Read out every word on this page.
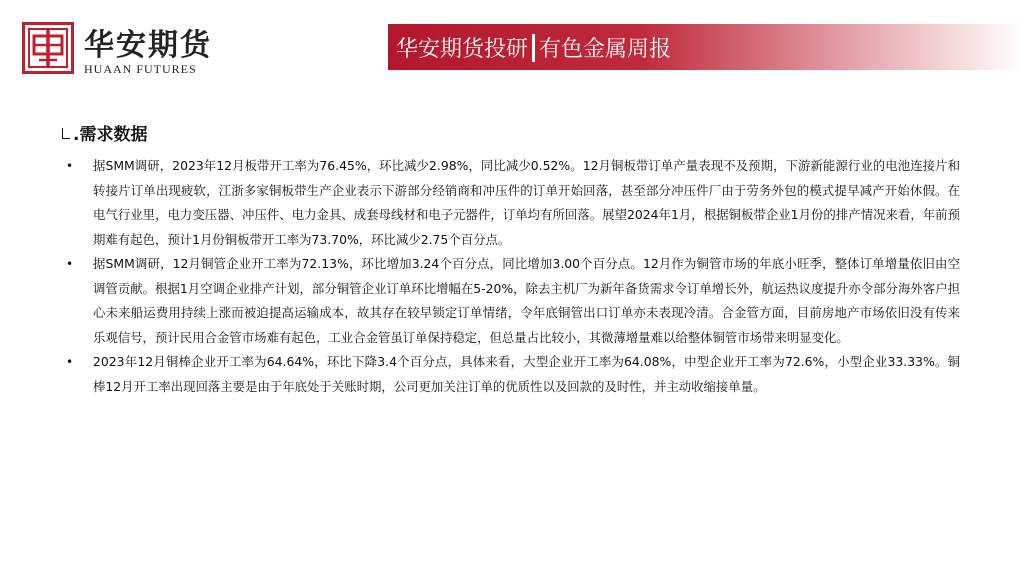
华安期货
HUAAN FUTURES
华安期货投研 有色金属周报
.需求数据
• 据SMM调研，2023年12月板带开工率为76.45%，环比减少2.98%，同比减少0.52%。12月铜板带订单产量表现不及预期，下游新能源行业的电池连接片和转接片订单出现疲软，江浙多家铜板带生产企业表示下游部分经销商和冲压件的订单开始回落，甚至部分冲压件厂由于劳务外包的模式提早减产开始休假。在电气行业里，电力变压器、冲压件、电力金具、成套母线材和电子元器件，订单均有所回落。展望2024年1月，根据铜板带企业1月份的排产情况来看，年前预期难有起色，预计1月份铜板带开工率为73.70%，环比减少2.75个百分点。
• 据SMM调研，12月铜管企业开工率为72.13%，环比增加3.24个百分点，同比增加3.00个百分点。12月作为铜管市场的年底小旺季，整体订单增量依旧由空调管贡献。根据1月空调企业排产计划，部分铜管企业订单环比增幅在5-20%，除去主机厂为新年备货需求令订单增长外，航运热议度提升亦令部分海外客户担心未来船运费用持续上涨而被迫提高运输成本，故其存在较早锁定订单情绪，令年底铜管出口订单亦未表现冷清。合金管方面，目前房地产市场依旧没有传来乐观信号，预计民用合金管市场难有起色，工业合金管虽订单保持稳定，但总量占比较小，其微薄增量难以给整体铜管市场带来明显变化。
• 2023年12月铜棒企业开工率为64.64%，环比下降3.4个百分点，具体来看，大型企业开工率为64.08%，中型企业开工率为72.6%，小型企业33.33%。铜棒12月开工率出现回落主要是由于年底处于关账时期，公司更加关注订单的优质性以及回款的及时性，并主动收缩接单量。
